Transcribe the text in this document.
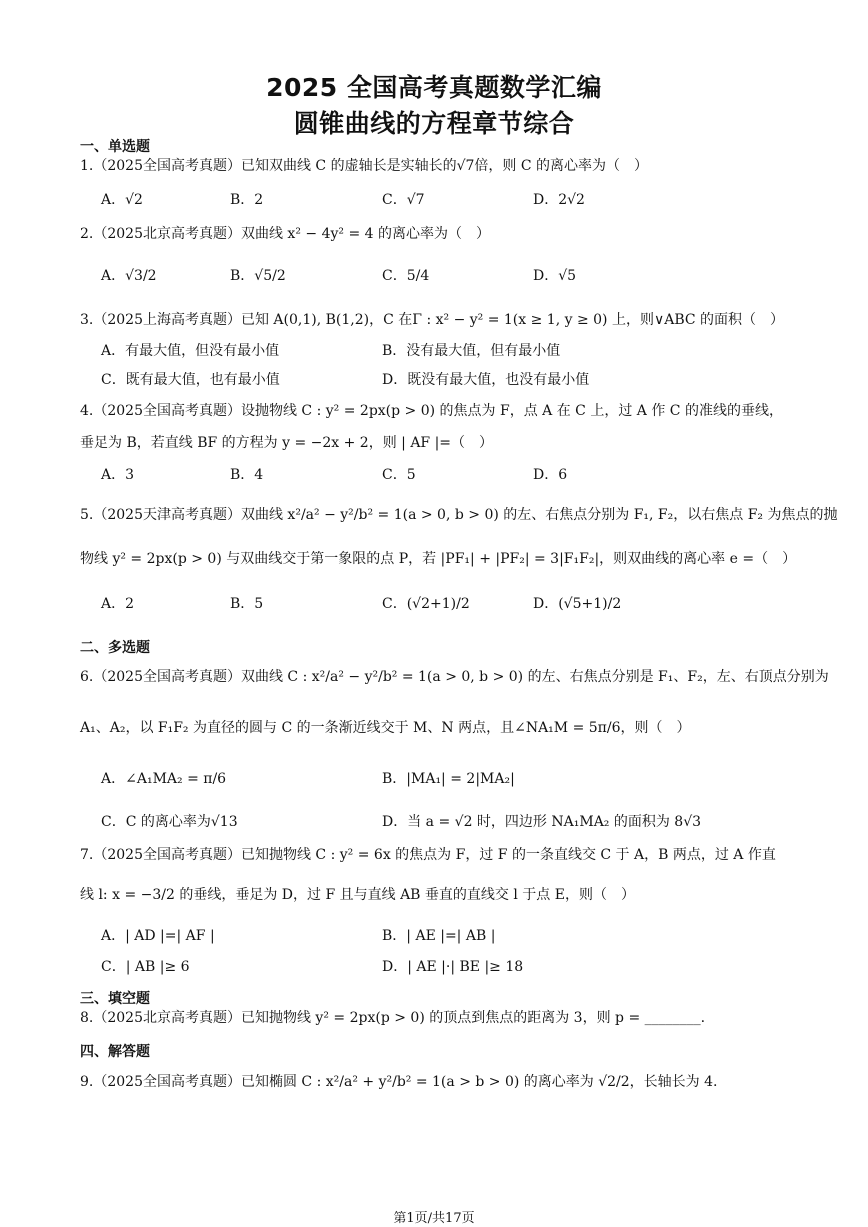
2025 全国高考真题数学汇编
圆锥曲线的方程章节综合
一、单选题
1.（2025全国高考真题）已知双曲线 C 的虚轴长是实轴长的√7倍，则 C 的离心率为（　）
A．√2	B．2	C．√7	D．2√2
2.（2025北京高考真题）双曲线 x² − 4y² = 4 的离心率为（　）
A．√3/2	B．√5/2	C．5/4	D．√5
3.（2025上海高考真题）已知 A(0,1), B(1,2)，C 在Γ : x² − y² = 1(x ≥ 1, y ≥ 0) 上，则∨ABC 的面积（　）
A．有最大值，但没有最小值	B．没有最大值，但有最小值
C．既有最大值，也有最小值	D．既没有最大值，也没有最小值
4.（2025全国高考真题）设抛物线 C : y² = 2px(p > 0) 的焦点为 F，点 A 在 C 上，过 A 作 C 的准线的垂线，
垂足为 B，若直线 BF 的方程为 y = −2x + 2，则 | AF |=（　）
A．3	B．4	C．5	D．6
5.（2025天津高考真题）双曲线 x²/a² − y²/b² = 1(a > 0, b > 0) 的左、右焦点分别为 F₁, F₂，以右焦点 F₂ 为焦点的抛
物线 y² = 2px(p > 0) 与双曲线交于第一象限的点 P，若 |PF₁| + |PF₂| = 3|F₁F₂|，则双曲线的离心率 e =（　）
A．2	B．5	C．(√2+1)/2	D．(√5+1)/2
二、多选题
6.（2025全国高考真题）双曲线 C : x²/a² − y²/b² = 1(a > 0, b > 0) 的左、右焦点分别是 F₁、F₂，左、右顶点分别为
A₁、A₂，以 F₁F₂ 为直径的圆与 C 的一条渐近线交于 M、N 两点，且∠NA₁M = 5π/6，则（　）
A．∠A₁MA₂ = π/6	B．|MA₁| = 2|MA₂|
C．C 的离心率为√13	D．当 a = √2 时，四边形 NA₁MA₂ 的面积为 8√3
7.（2025全国高考真题）已知抛物线 C : y² = 6x 的焦点为 F，过 F 的一条直线交 C 于 A，B 两点，过 A 作直
线 l: x = −3/2 的垂线，垂足为 D，过 F 且与直线 AB 垂直的直线交 l 于点 E，则（　）
A．| AD |=| AF |	B．| AE |=| AB |
C．| AB |≥ 6	D．| AE |·| BE |≥ 18
三、填空题
8.（2025北京高考真题）已知抛物线 y² = 2px(p > 0) 的顶点到焦点的距离为 3，则 p = ________.
四、解答题
9.（2025全国高考真题）已知椭圆 C : x²/a² + y²/b² = 1(a > b > 0) 的离心率为 √2/2，长轴长为 4.
第1页/共17页
